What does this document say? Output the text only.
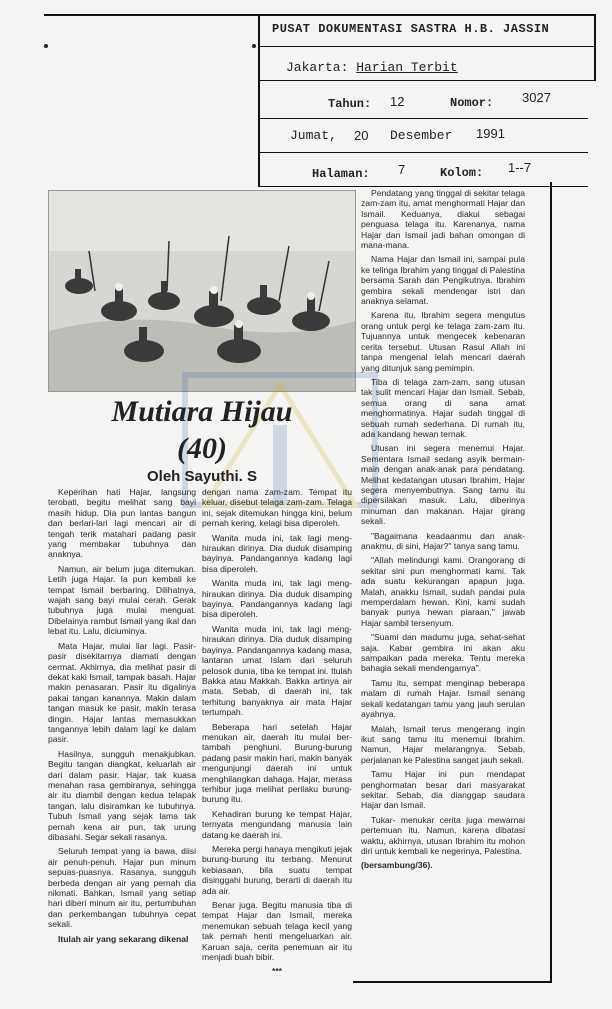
PUSAT DOKUMENTASI SASTRA H.B. JASSIN
Jakarta: Harian Terbit
Tahun: 12	Nomor: 3027
Jumat, 20 Desember 1991
Halaman: 7	Kolom: 1--7
Mutiara Hijau
(40)
Oleh Sayuthi. S

Keperihan hati Hajar, langsung terobati, begitu melihat sang bayi masih hidup. Dia pun lantas bangun dan berlari-lari lagi mencari air di tengah terik matahari padang pasir yang membakar tubuhnya dan anaknya.

Namun, air belum juga ditemukan. Letih juga Hajar. Ia pun kembali ke tempat Ismail berbaring. Dilihatnya, wajah sang bayi mulai cerah. Gerak tubuhnya juga mulai menguat. Dibelainya rambut Ismail yang ikal dan lebat itu. Lalu, diciuminya.

Mata Hajar, mulai liar lagi. Pasir-pasir disekitarnya diamati dengan cermat. Akhirnya, dia melihat pasir di dekat kaki Ismail, tampak basah. Hajar makin penasaran. Pasir itu digalinya pakai tangan kanannya. Makin dalam tangan masuk ke pasir, makin terasa dingin. Hajar lantas memasukkan tangannya lebih dalam lagi ke dalam pasir.

Hasilnya, sungguh menakjubkan. Begitu tangan diangkat, keluarlah air dari dalam pasir. Hajar, tak kuasa menahan rasa gembiranya, sehingga air itu diambil dengan kedua telapak tangan, lalu disiramkan ke tubuhnya. Tubuh Ismail yang sejak lama tak pernah kena air pun, tak urung dibasahi. Segar sekali rasanya.

Seluruh tempat yang ia bawa, diisi air penuh-penuh. Hajar pun minum sepuas-puasnya. Rasanya, sungguh berbeda dengan air yang pernah dia nikmati. Bahkan, Ismail yang setiap hari diberi minum air itu, pertumbuhan dan perkembangan tubuhnya cepat sekali.

Itulah air yang sekarang dikenal

dengan nama zam-zam. Tempat itu keluar, disebut telaga zam-zam. Telaga ini, sejak ditemukan hingga kini, belum pernah kering, kelagi bisa diperoleh.

Wanita muda ini, tak lagi menghiraukan dirinya. Dia duduk disamping bayinya. Pandangannya kadang lagi bisa diperoleh.

Wanita muda ini, tak lagi menghiraukan dirinya. Dia duduk disamping bayinya. Pandangannya kadang lagi bisa diperoleh.

Wanita muda ini, tak lagi menghiraukan dirinya. Dia duduk disamping bayinya. Pandangannya kadang masa, lantaran umat Islam dari seluruh pelosok dunia, tiba ke tempat ini. Itulah Bakka atau Makkah. Bakka artinya air mata. Sebab, di daerah ini, tak terhitung banyaknya air mata Hajar tertumpah.

Beberapa hari setelah Hajar menukan air, daerah itu mulai bertambah penghuni. Burung-burung padang pasir makin hari, makin banyak mengunjungi daerah ini untuk menghilangkan dahaga. Hajar, merasa terhibur juga melihat perilaku burung-burung itu.

Kehadiran burung ke tempat Hajar, ternyata mengundang manusia lain datang ke daerah ini.

Mereka pergi hanaya mengikuti jejak burung-burung itu terbang. Menurut kebiasaan, bila suatu tempat disinggahi burung, berarti di daerah itu ada air.

Benar juga. Begitu manusia tiba di tempat Hajar dan Ismail, mereka menemukan sebuah telaga kecil yang tak pernah henti mengeluarkan air. Karuan saja, cerita penemuan air itu menjadi buah bibir.

***

Pendatang yang tinggal di sekitar telaga zam-zam itu, amat menghormati Hajar dan Ismail. Keduanya, diakui sebagai penguasa telaga itu. Karenanya, nama Hajar dan Ismail jadi bahan omongan di mana-mana.

Nama Hajar dan Ismail ini, sampai pula ke telinga Ibrahim yang tinggal di Palestina bersama Sarah dan Pengikutnya. Ibrahim gembira sekali mendengar istri dan anaknya selamat.

Karena itu, Ibrahim segera mengutus orang untuk pergi ke telaga zam-zam itu. Tujuannya untuk mengecek kebenaran cerita tersebut. Utusan Rasul Allah ini tanpa mengenal lelah mencari daerah yang ditunjuk sang pemimpin.

Tiba di telaga zam-zam, sang utusan tak sulit mencari Hajar dan Ismail. Sebab, semua orang di sana amat menghormatinya. Hajar sudah tinggal di sebuah rumah sederhana. Di rumah itu, ada kandang hewan ternak.

Utusan ini segera menemui Hajar. Sementara Ismail sedang asyik bermain-main dengan anak-anak para pendatang. Melihat kedatangan utusan Ibrahim, Hajar segera menyembutnya. Sang tamu itu dipersilakan masuk. Lalu, diberinya minuman dan makanan. Hajar girang sekali.

"Bagaimana keadaanmu dan anak-anakmu, di sini, Hajar?" tanya sang tamu.

"Allah melindungi kami. Orangorang di sekitar sini pun menghormati kami. Tak ada suatu kekurangan apapun juga. Malah, anakku Ismail, sudah pandai pula memperdalam hewan. Kini, kami sudah banyak punya hewan piaraan," jawab Hajar sambil tersenyum.

"Suami dan madumu juga, sehat-sehat saja. Kabar gembira ini akan aku sampaikan pada mereka. Tentu mereka bahagia sekali mendengarnya".

Tamu itu, sempat menginap beberapa malam di rumah Hajar. Ismail senang sekali kedatangan tamu yang jauh serulan ayahnya.

Malah, Ismail terus mengerang ingin ikut sang tamu itu menemui Ibrahim. Namun, Hajar melarangnya. Sebab, perjalanan ke Palestina sangat jauh sekali.

Tamu Hajar ini pun mendapat penghormatan besar dari masyarakat sekitar. Sebab, dia dianggap saudara Hajar dan Ismail.

Tukar- menukar cerita juga mewarnai pertemuan itu. Namun, karena dibatasi waktu, akhirnya, utusan Ibrahim itu mohon diri untuk kembali ke negerinya, Palestina.

(bersambung/36).
